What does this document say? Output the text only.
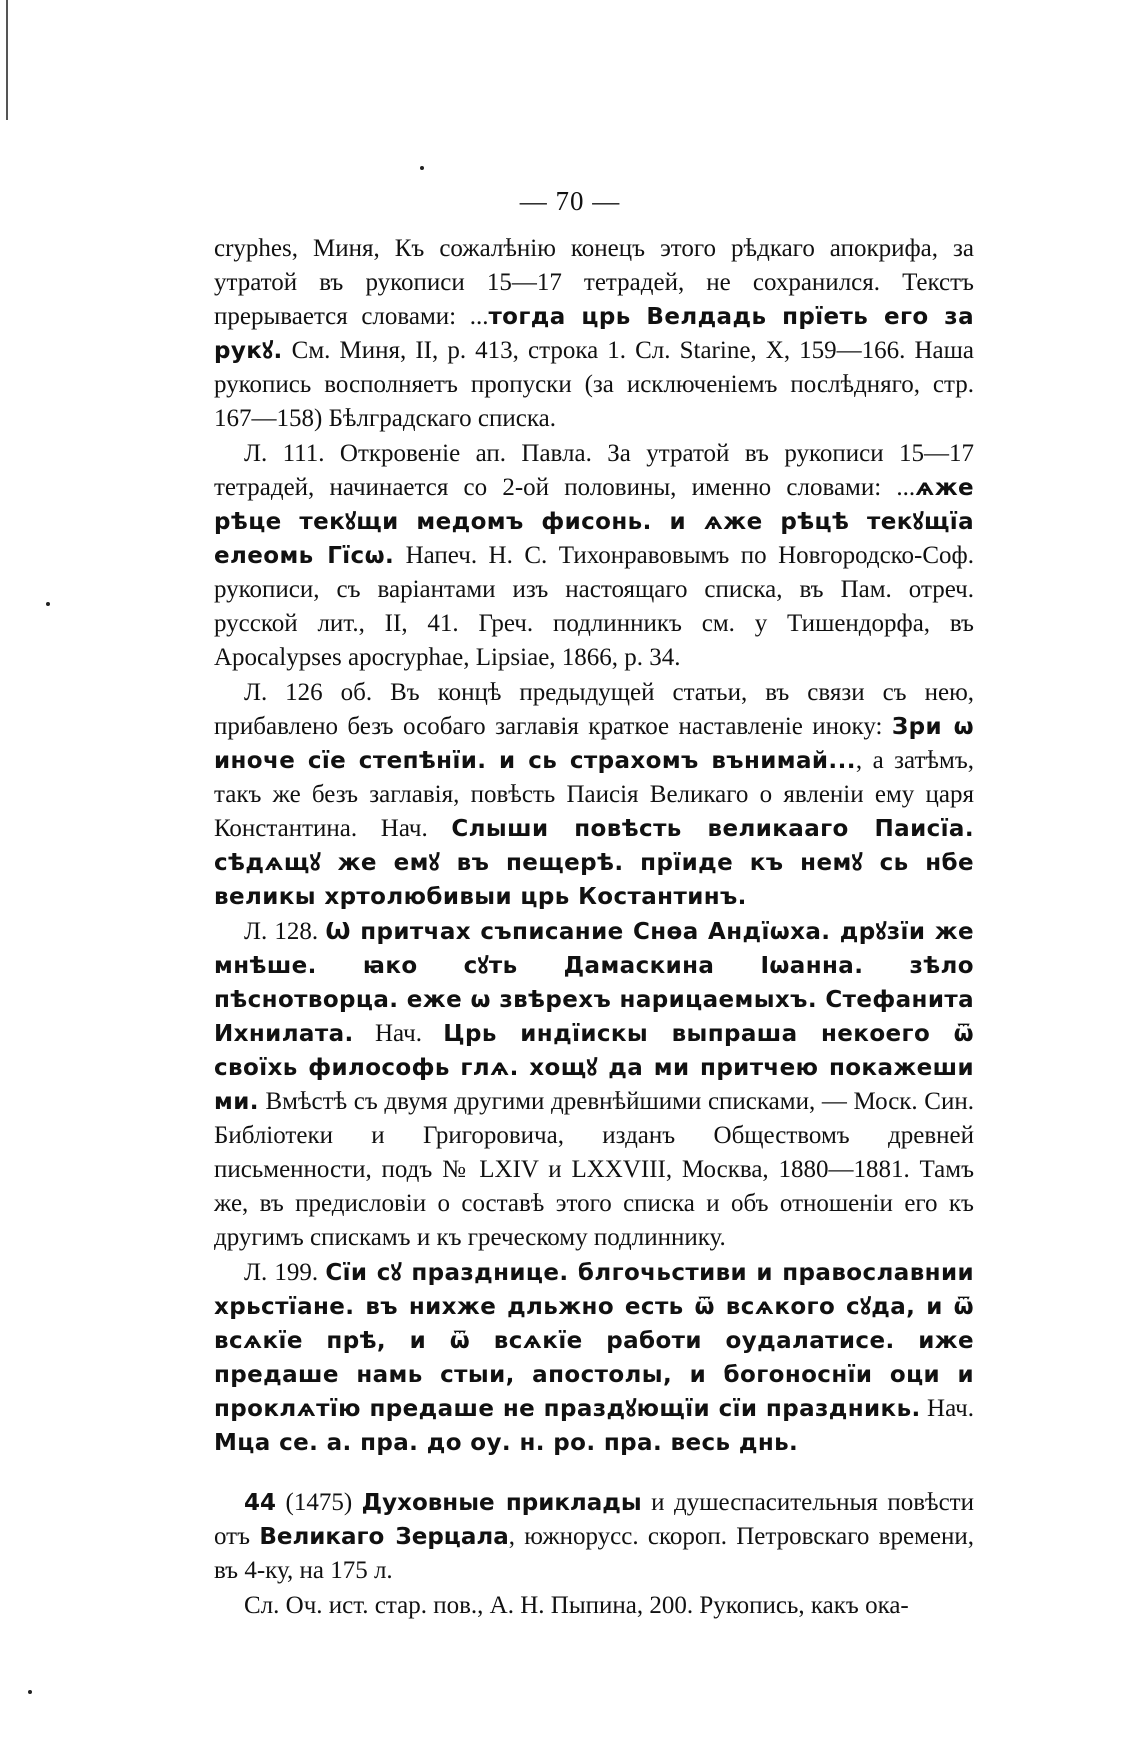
— 70 —

crypһes, Миня, Къ сожалѣнію конецъ этого рѣдкаго апокрифа, за утратой въ рукописи 15—17 тетрадей, не сохранился. Текстъ прерывается словами: ...тогда црь Велдадь прїеть его за рукꙋ. См. Миня, II, р. 413, строка 1. Сл. Starine, X, 159—166. Наша рукопись восполняетъ пропуски (за исключеніемъ послѣдняго, стр. 167—158) Бѣлградскаго списка.

Л. 111. Откровеніе ап. Павла. За утратой въ рукописи 15—17 тетрадей, начинается со 2-ой половины, именно словами: ...ѧже рѣце текꙋщи медомъ фисонь. и ѧже рѣцѣ текꙋщїа елеомь Гїсѡ. Напеч. Н. С. Тихонравовымъ по Новгородско-Соф. рукописи, съ варіантами изъ настоящаго списка, въ Пам. отреч. русской лит., II, 41. Греч. подлинникъ см. у Тишендорфа, въ Apocalypses apocryphae, Lipsiae, 1866, p. 34.

Л. 126 об. Въ концѣ предыдущей статьи, въ связи съ нею, прибавлено безъ особаго заглавія краткое наставленіе иноку: Зри ѡ иноче сїе степѣнїи. и сь страхомъ вънимай..., а затѣмъ, такъ же безъ заглавія, повѣсть Паисія Великаго о явленіи ему царя Константина. Нач. Слыши повѣсть великааго Паисїа. сѣдѧщꙋ же емꙋ въ пещерѣ. прїиде къ немꙋ сь нбе великы хртолюбивыи црь Костантинъ.

Л. 128. Ѡ притчах съписание Снѳа Андїѡха. дрꙋзїи же мнѣше. ꙗко сꙋть Дамаскина Іѡанна. зѣло пѣснотворца. еже ѡ звѣрехъ нарицаемыхъ. Стефанита Ихнилата. Нач. Црь индїискы выпраша некоего ѿ своїхь философь глѧ. хощꙋ да ми притчею покажеши ми. Вмѣстѣ съ двумя другими древнѣйшими списками, — Моск. Син. Библіотеки и Григоровича, изданъ Обществомъ древней письменности, подъ № LXIV и LXXVIII, Москва, 1880—1881. Тамъ же, въ предисловіи о составѣ этого списка и объ отношеніи его къ другимъ спискамъ и къ греческому подлиннику.

Л. 199. Сїи сꙋ празднице. блгочьстиви и православнии хрьстїане. въ нихже дльжно есть ѿ всѧкого сꙋда, и ѿ всѧкїе прѣ, и ѿ всѧкїе работи оудалатисе. иже предаше намь стыи, апостолы, и богоноснїи оци и проклѧтїю предаше не праздꙋющїи сїи праздникь. Нач. Мца се. а. пра. до оу. н. ро. пра. весь днь.

44 (1475) Духовные приклады и душеспасительныя повѣсти отъ Великаго Зерцала, южнорусс. скороп. Петровскаго времени, въ 4-ку, на 175 л.

Сл. Оч. ист. стар. пов., А. Н. Пыпина, 200. Рукопись, какъ ока-
